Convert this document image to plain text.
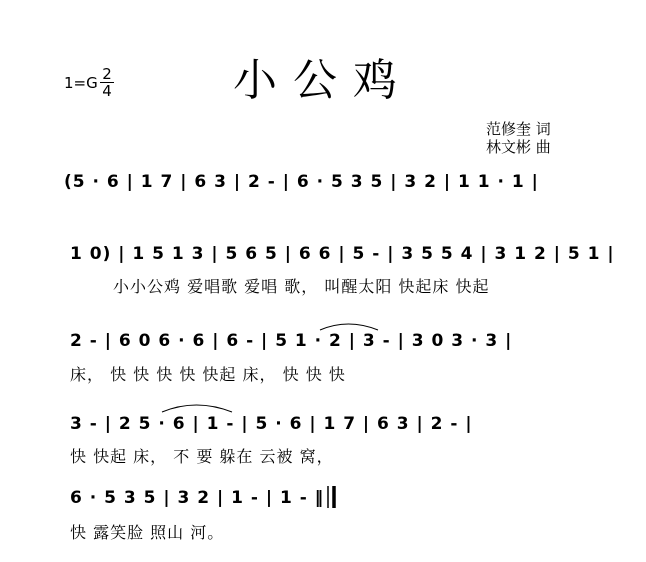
1=G 2
4	小公鸡
范修奎 词
林文彬 曲
(5 · 6 | 1 7 | 6 3 | 2 - | 6 · 5 3 5 | 3 2 | 1 1 · 1 |
1 0) | 1 5 1 3 | 5 6 5 | 6 6 | 5 - | 3 5 5 4 | 3 1 2 | 5 1 |
小小公鸡 爱唱歌 爱唱 歌， 叫醒太阳 快起床 快起
2 - | 6 0 6 · 6 | 6 - | 5 1 · 2 | 3 - | 3 0 3 · 3 |
床， 快 快 快 快 快起 床， 快 快 快
3 - | 2 5 · 6 | 1 - | 5 · 6 | 1 7 | 6 3 | 2 - |
快 快起 床， 不 要 躲在 云被 窝，
6 · 5 3 5 | 3 2 | 1 - | 1 - ‖
快 露笑脸 照山 河。
